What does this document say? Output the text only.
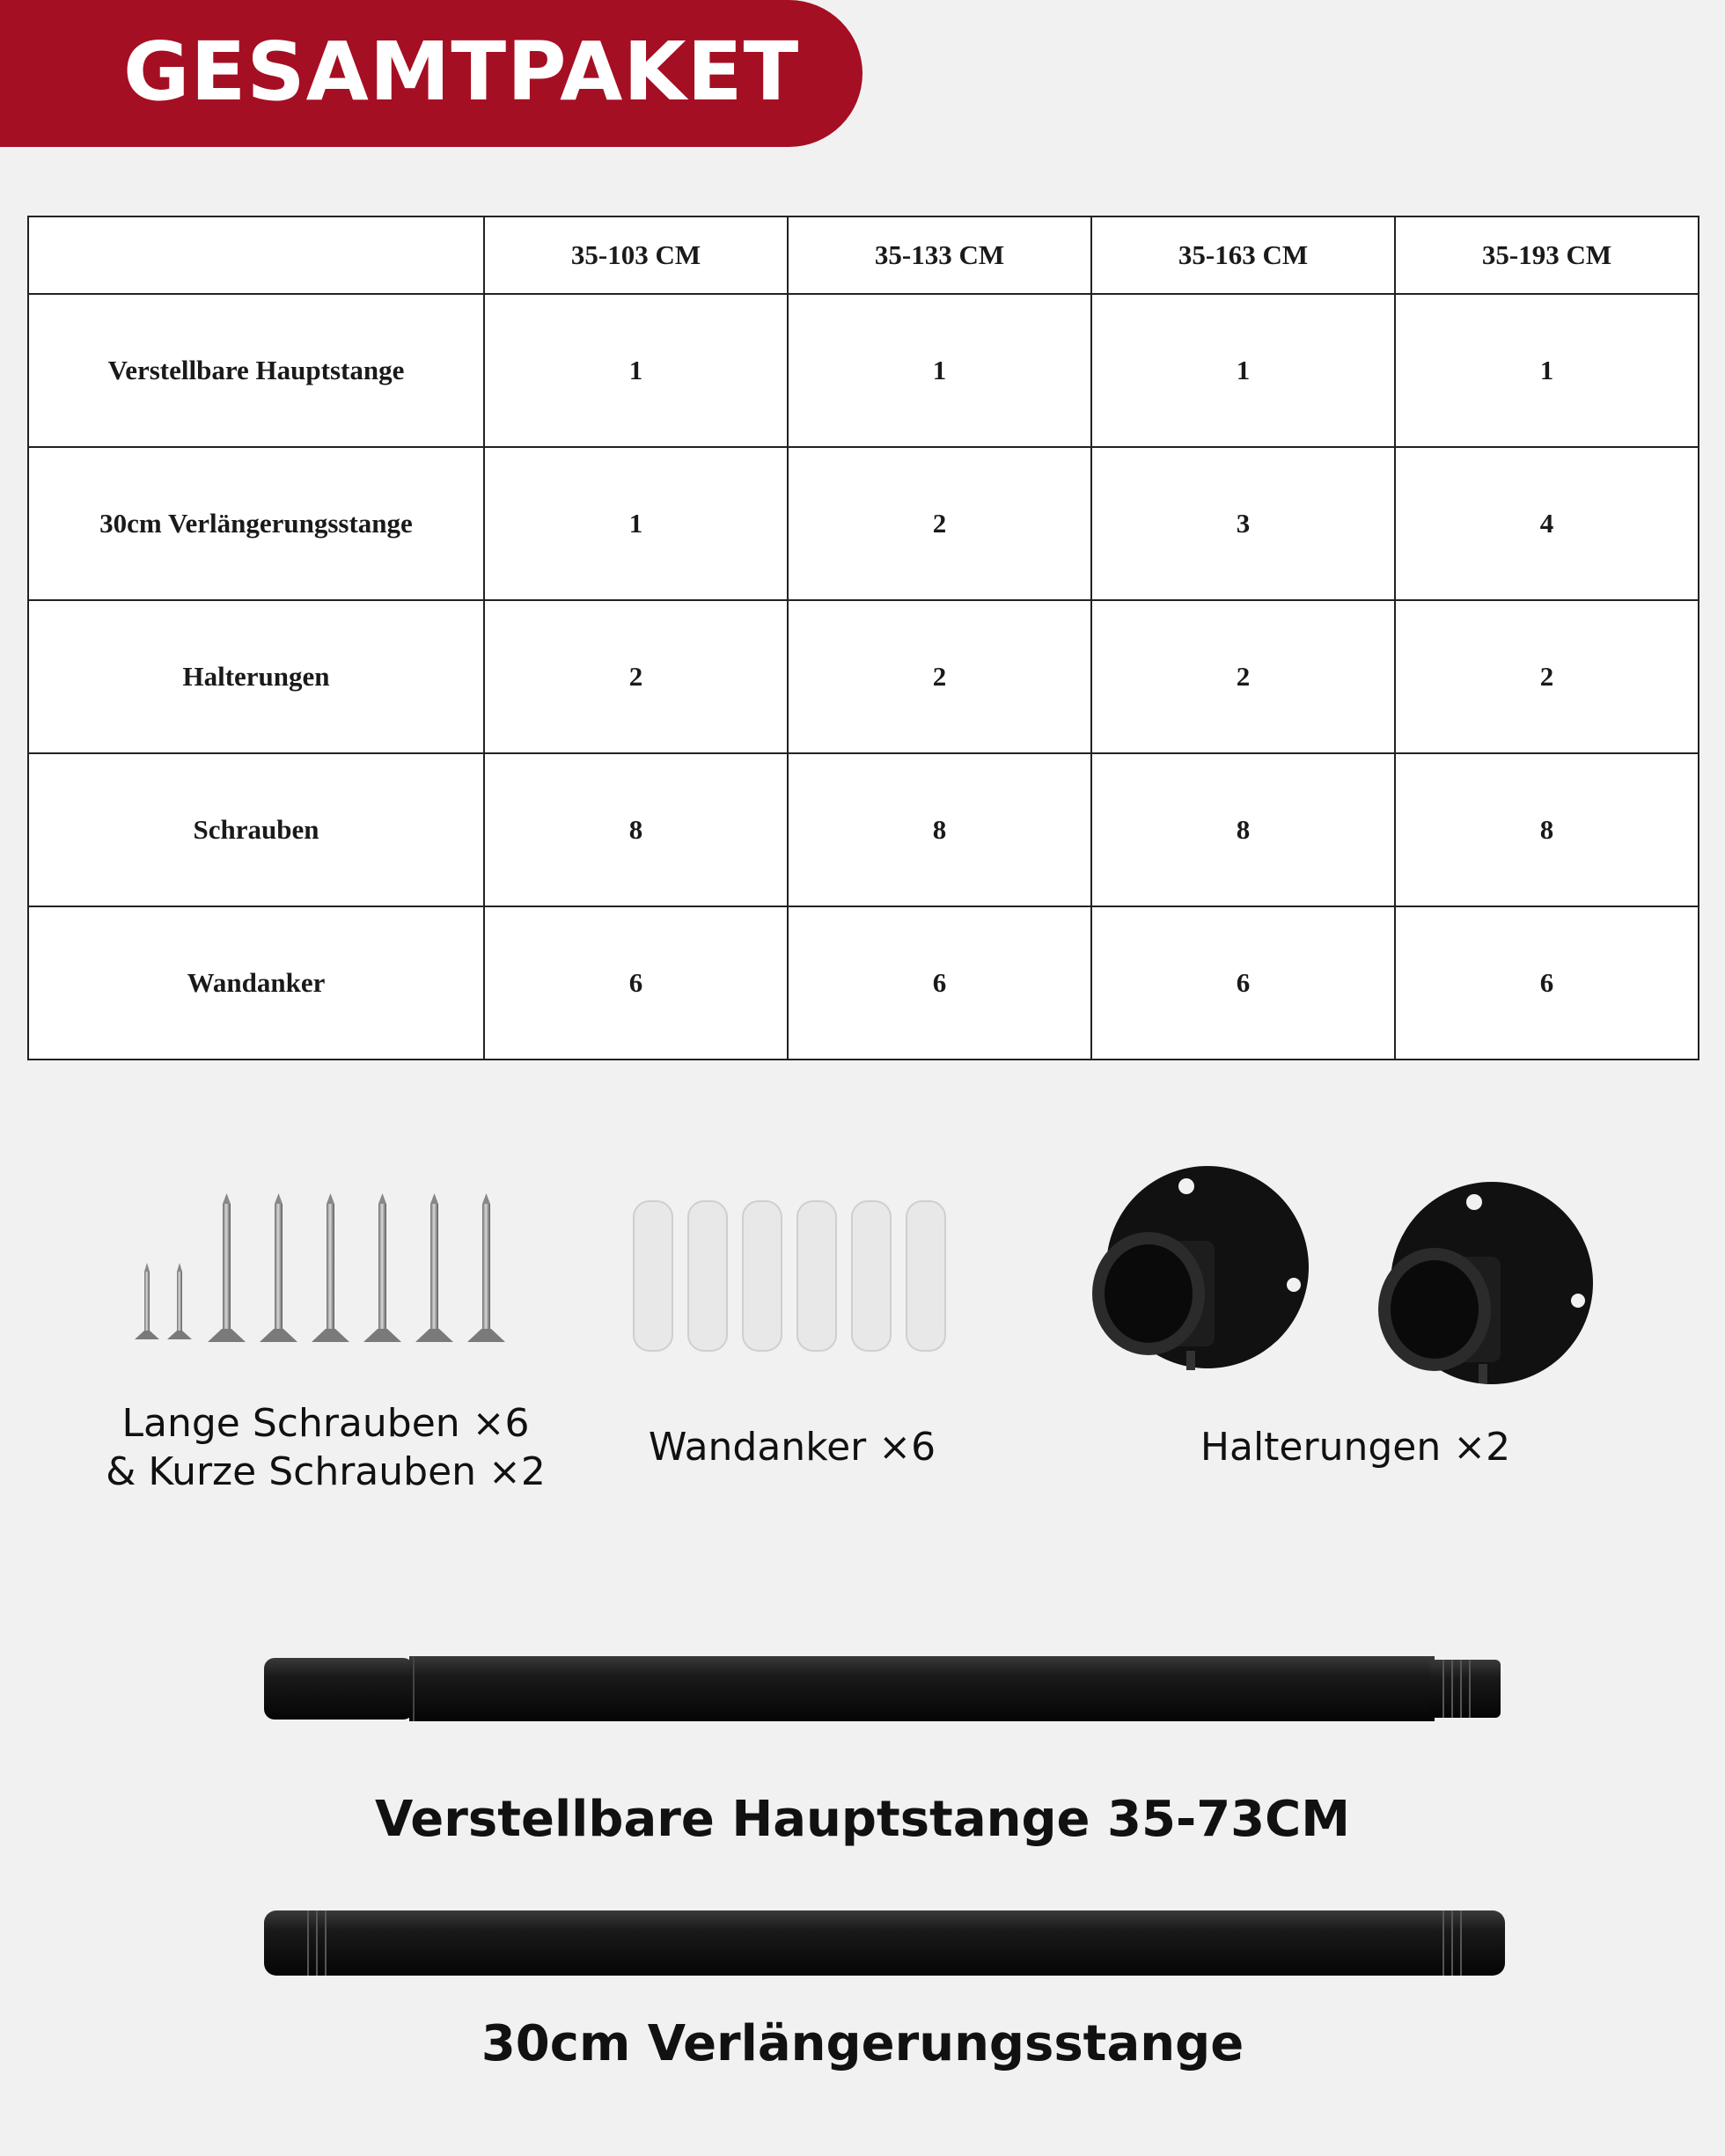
GESAMTPAKET
	35-103 CM	35-133 CM	35-163 CM	35-193 CM
Verstellbare Hauptstange	1	1	1	1
30cm Verlängerungsstange	1	2	3	4
Halterungen	2	2	2	2
Schrauben	8	8	8	8
Wandanker	6	6	6	6
Lange Schrauben ×6
& Kurze Schrauben ×2
Wandanker ×6	Halterungen ×2
Verstellbare Hauptstange 35-73CM
30cm Verlängerungsstange
